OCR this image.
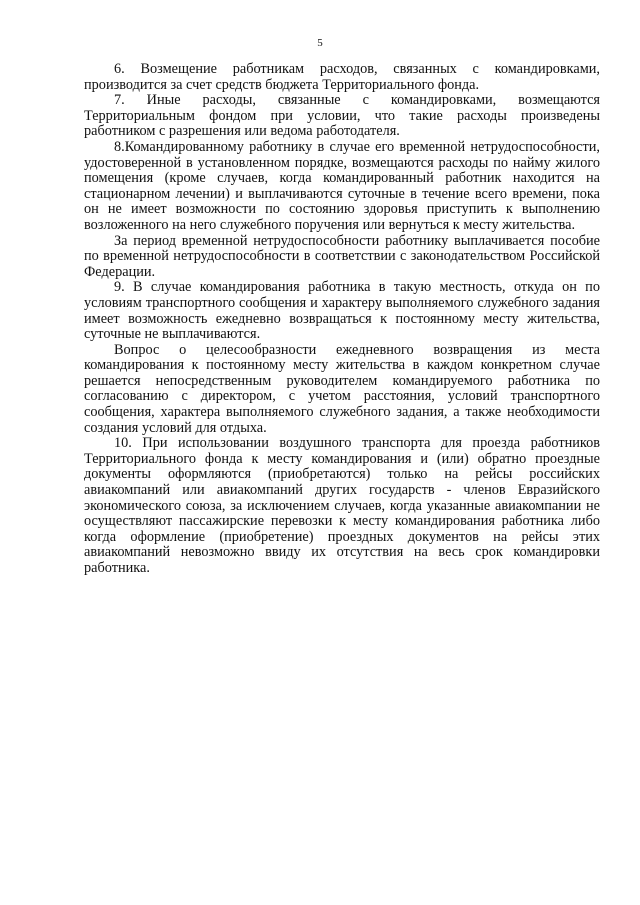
5

6. Возмещение работникам расходов, связанных с командировками, производится за счет средств бюджета Территориального фонда.

7. Иные расходы, связанные с командировками, возмещаются Территориальным фондом при условии, что такие расходы произведены работником с разрешения или ведома работодателя.

8.Командированному работнику в случае его временной нетрудоспособности, удостоверенной в установленном порядке, возмещаются расходы по найму жилого помещения (кроме случаев, когда командированный работник находится на стационарном лечении) и выплачиваются суточные в течение всего времени, пока он не имеет возможности по состоянию здоровья приступить к выполнению возложенного на него служебного поручения или вернуться к месту жительства.

За период временной нетрудоспособности работнику выплачивается пособие по временной нетрудоспособности в соответствии с законодательством Российской Федерации.

9. В случае командирования работника в такую местность, откуда он по условиям транспортного сообщения и характеру выполняемого служебного задания имеет возможность ежедневно возвращаться к постоянному месту жительства, суточные не выплачиваются.

Вопрос о целесообразности ежедневного возвращения из места командирования к постоянному месту жительства в каждом конкретном случае решается непосредственным руководителем командируемого работника по согласованию с директором, с учетом расстояния, условий транспортного сообщения, характера выполняемого служебного задания, а также необходимости создания условий для отдыха.

10. При использовании воздушного транспорта для проезда работников Территориального фонда к месту командирования и (или) обратно проездные документы оформляются (приобретаются) только на рейсы российских авиакомпаний или авиакомпаний других государств - членов Евразийского экономического союза, за исключением случаев, когда указанные авиакомпании не осуществляют пассажирские перевозки к месту командирования работника либо когда оформление (приобретение) проездных документов на рейсы этих авиакомпаний невозможно ввиду их отсутствия на весь срок командировки работника.
